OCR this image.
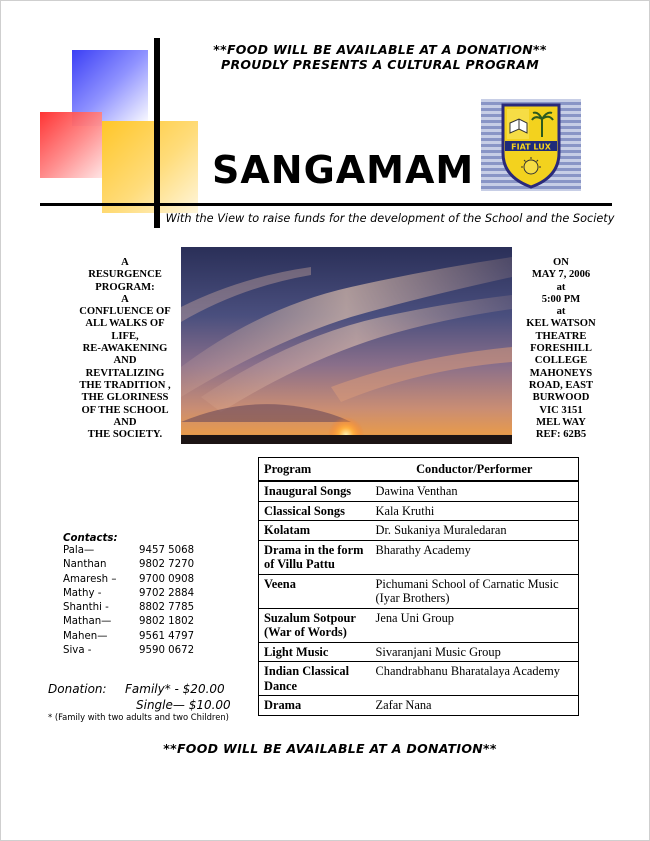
**FOOD WILL BE AVAILABLE AT A DONATION**
PROUDLY PRESENTS A CULTURAL PROGRAM
SANGAMAM
FIAT LUX
With the View to raise funds for the development of the School and the Society
A
RESURGENCE
PROGRAM:
A
CONFLUENCE OF
ALL WALKS OF
LIFE,
RE-AWAKENING
AND
REVITALIZING
THE TRADITION ,
THE GLORINESS
OF THE SCHOOL
AND
THE SOCIETY.
ON
MAY 7, 2006
at
5:00 PM
at
KEL WATSON
THEATRE
FORESHILL
COLLEGE
MAHONEYS
ROAD, EAST
BURWOOD
VIC 3151
MEL WAY
REF: 62B5
Program	Conductor/Performer
Inaugural Songs	Dawina Venthan
Classical Songs	Kala Kruthi
Kolatam	Dr. Sukaniya Muraledaran
Drama in the form of Villu Pattu	Bharathy Academy
Veena	Pichumani School of Carnatic Music (Iyar Brothers)
Suzalum Sotpour (War of Words)	Jena Uni Group
Light Music	Sivaranjani Music Group
Indian Classical Dance	Chandrabhanu Bharatalaya Academy
Drama	Zafar Nana
Contacts:
Pala—	9457 5068
Nanthan	9802 7270
Amaresh –	9700 0908
Mathy -	9702 2884
Shanthi -	8802 7785
Mathan—	9802 1802
Mahen—	9561 4797
Siva -	9590 0672
Donation: Family* - $20.00
Single— $10.00
* (Family with two adults and two Children)
**FOOD WILL BE AVAILABLE AT A DONATION**
